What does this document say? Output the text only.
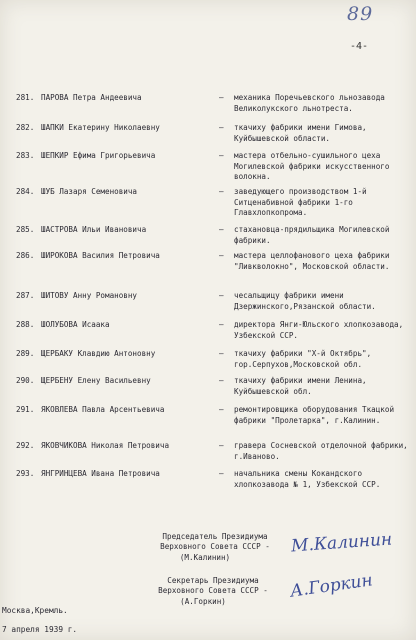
89
-4-
281. ПАРОВА Петра Андеевича	– механика Поречьевского льнозавода Великолукского льнотреста.
282. ШАПКИ Екатерину Николаевну	– ткачиху фабрики имени Гимова, Куйбышевской области.
283. ШЕПКИР Ефима Григорьевича	– мастера отбельно-сушильного цеха Могилевской фабрики искусственного волокна.
284. ШУБ Лазаря Семеновича	– заведующего производством 1-й Ситценабивной фабрики 1-го Главхлопкопрома.
285. ШАСТРОВА Ильи Ивановича	– стахановца-прядильщика Могилевской фабрики.
286. ШИРОКОВА Василия Петровича	– мастера целлофанового цеха фабрики "Ливкволокно", Московской области.
287. ШИТОВУ Анну Романовну	– чесальщицу фабрики имени Дзержинского,Рязанской области.
288. ШОЛУБОВА Исаака	– директора Янги-Юльского хлопкозавода, Узбекской ССР.
289. ЩЕРБАКУ Клавдию Антоновну	– ткачиху фабрики "Х-й Октябрь", гор.Серпухов,Московской обл.
290. ЩЕРБЕНУ Елену Васильевну	– ткачиху фабрики имени Ленина, Куйбышевской обл.
291. ЯКОВЛЕВА Павла Арсентьевича	– ремонтировщика оборудования Ткацкой фабрики "Пролетарка", г.Калинин.
292. ЯКОВЧИКОВА Николая Петровича	– гравера Сосневской отделочной фабрики, г.Иваново.
293. ЯНГРИНЦЕВА Ивана Петровича	– начальника смены Кокандского хлопкозавода № 1, Узбекской ССР.
Председатель Президиума
Верховного Совета СССР -
(М.Калинин)
М.Калинин
Секретарь Президиума
Верховного Совета СССР -
(А.Горкин)	А.Горкин
Москва,Кремль.
7 апреля 1939 г.
